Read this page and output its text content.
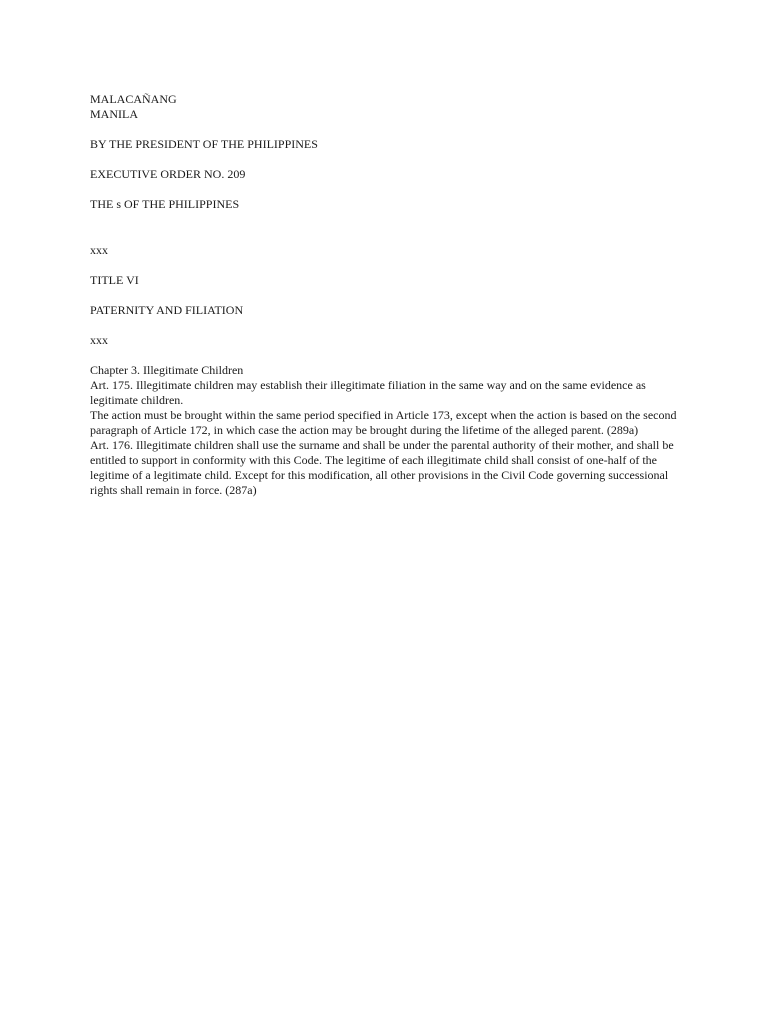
MALACAÑANG

MANILA

BY THE PRESIDENT OF THE PHILIPPINES

EXECUTIVE ORDER NO. 209

THE s OF THE PHILIPPINES

xxx

TITLE VI

PATERNITY AND FILIATION

xxx

Chapter 3. Illegitimate Children

Art. 175. Illegitimate children may establish their illegitimate filiation in the same way and on the same evidence as legitimate children.

The action must be brought within the same period specified in Article 173, except when the action is based on the second paragraph of Article 172, in which case the action may be brought during the lifetime of the alleged parent. (289a)

Art. 176. Illegitimate children shall use the surname and shall be under the parental authority of their mother, and shall be entitled to support in conformity with this Code. The legitime of each illegitimate child shall consist of one-half of the legitime of a legitimate child. Except for this modification, all other provisions in the Civil Code governing successional rights shall remain in force. (287a)
